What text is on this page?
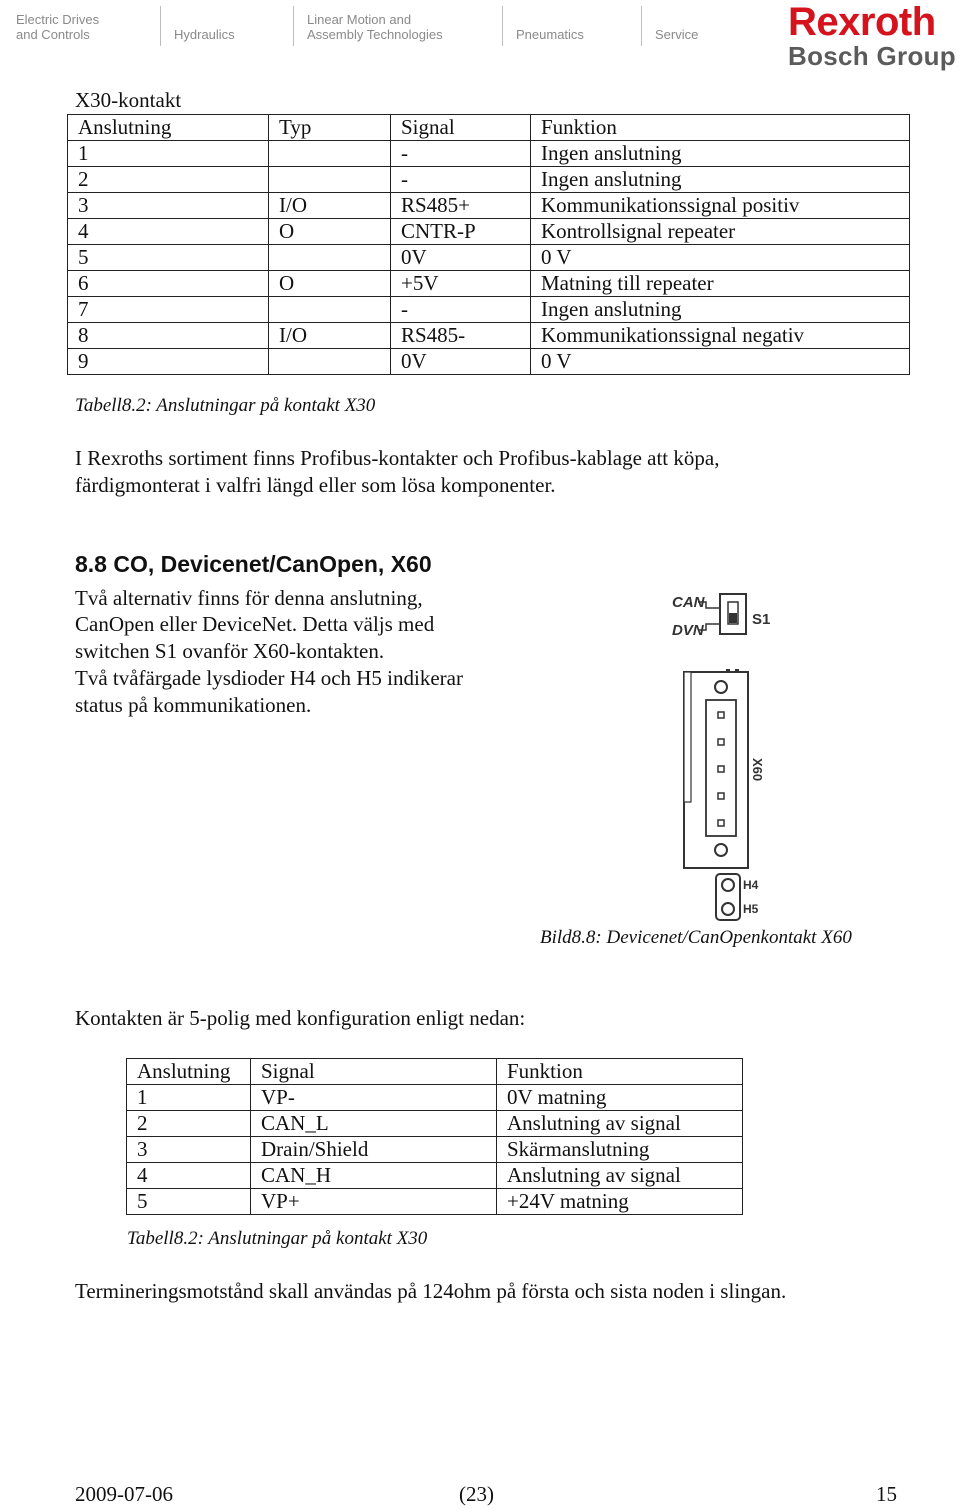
Electric Drives
and Controls	Hydraulics
Linear Motion and
Assembly Technologies	Pneumatics	Service Rexroth
Bosch Group
X30-kontakt
Anslutning	Typ	Signal	Funktion
1		-	Ingen anslutning
2		-	Ingen anslutning
3	I/O	RS485+	Kommunikationssignal positiv
4	O	CNTR-P	Kontrollsignal repeater
5		0V	0 V
6	O	+5V	Matning till repeater
7		-	Ingen anslutning
8	I/O	RS485-	Kommunikationssignal negativ
9		0V	0 V
Tabell8.2: Anslutningar på kontakt X30
I Rexroths sortiment finns Profibus-kontakter och Profibus-kablage att köpa,
färdigmonterat i valfri längd eller som lösa komponenter.
8.8 CO, Devicenet/CanOpen, X60
Två alternativ finns för denna anslutning,
CanOpen eller DeviceNet. Detta väljs med
switchen S1 ovanför X60-kontakten.
Två tvåfärgade lysdioder H4 och H5 indikerar
status på kommunikationen.
CAN
DVN
S1
X60
H4
H5
Bild8.8: Devicenet/CanOpenkontakt X60
Kontakten är 5-polig med konfiguration enligt nedan:
Anslutning	Signal	Funktion
1	VP-	0V matning
2	CAN_L	Anslutning av signal
3	Drain/Shield	Skärmanslutning
4	CAN_H	Anslutning av signal
5	VP+	+24V matning
Tabell8.2: Anslutningar på kontakt X30
Termineringsmotstånd skall användas på 124ohm på första och sista noden i slingan.
2009-07-06	(23)	15
